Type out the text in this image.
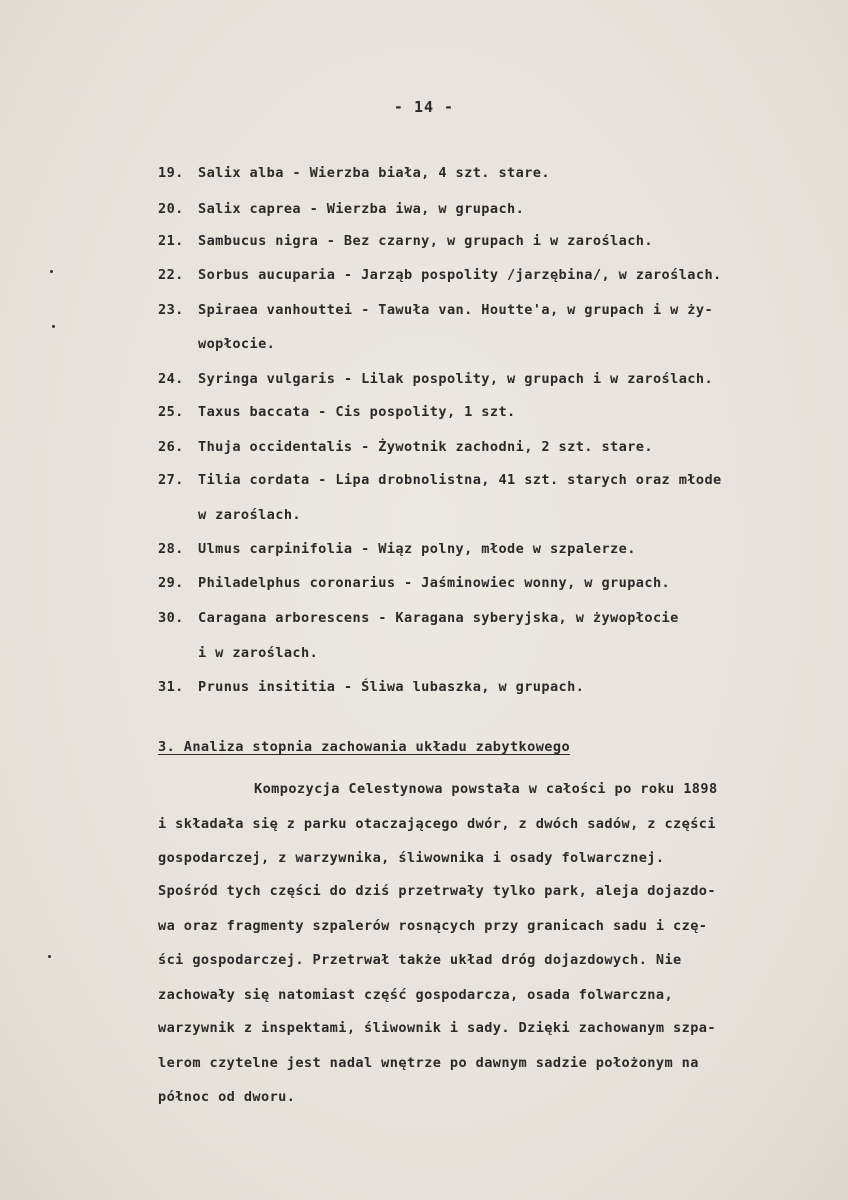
- 14 -
19. Salix alba - Wierzba biała, 4 szt. stare.
20. Salix caprea - Wierzba iwa, w grupach.
21. Sambucus nigra - Bez czarny, w grupach i w zaroślach.
22. Sorbus aucuparia - Jarząb pospolity /jarzębina/, w zaroślach.
23. Spiraea vanhouttei - Tawuła van. Houtte'a, w grupach i w ży-
wopłocie.
24. Syringa vulgaris - Lilak pospolity, w grupach i w zaroślach.
25. Taxus baccata - Cis pospolity, 1 szt.
26. Thuja occidentalis - Żywotnik zachodni, 2 szt. stare.
27. Tilia cordata - Lipa drobnolistna, 41 szt. starych oraz młode
w zaroślach.
28. Ulmus carpinifolia - Wiąz polny, młode w szpalerze.
29. Philadelphus coronarius - Jaśminowiec wonny, w grupach.
30. Caragana arborescens - Karagana syberyjska, w żywopłocie
i w zaroślach.
31. Prunus insititia - Śliwa lubaszka, w grupach.
3. Analiza stopnia zachowania układu zabytkowego
Kompozycja Celestynowa powstała w całości po roku 1898
i składała się z parku otaczającego dwór, z dwóch sadów, z części
gospodarczej, z warzywnika, śliwownika i osady folwarcznej.
Spośród tych części do dziś przetrwały tylko park, aleja dojazdo-
wa oraz fragmenty szpalerów rosnących przy granicach sadu i czę-
ści gospodarczej. Przetrwał także układ dróg dojazdowych. Nie
zachowały się natomiast część gospodarcza, osada folwarczna,
warzywnik z inspektami, śliwownik i sady. Dzięki zachowanym szpa-
lerom czytelne jest nadal wnętrze po dawnym sadzie położonym na
północ od dworu.
